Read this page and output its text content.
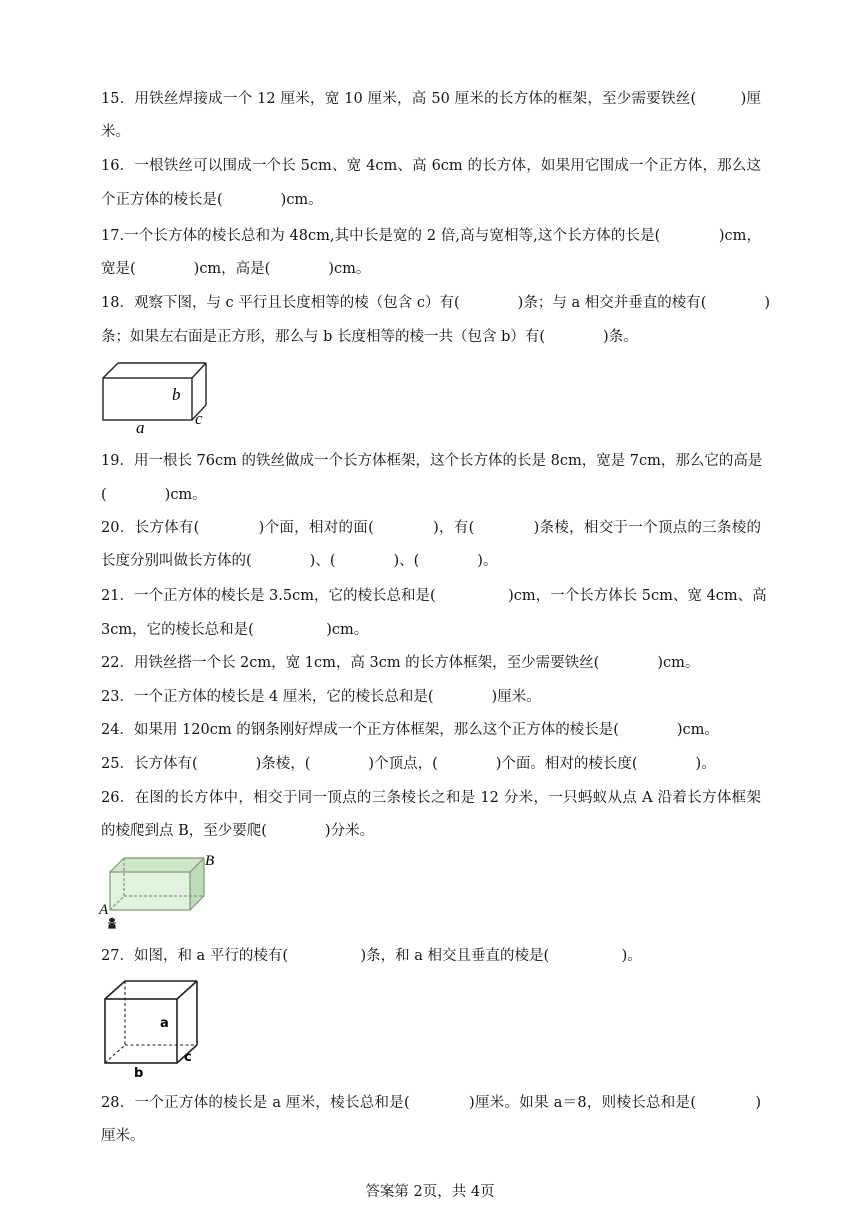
15．用铁丝焊接成一个 12 厘米，宽 10 厘米，高 50 厘米的长方体的框架，至少需要铁丝(　　　)厘
米。
16．一根铁丝可以围成一个长 5cm、宽 4cm、高 6cm 的长方体，如果用它围成一个正方体，那么这
个正方体的棱长是(　　　　)cm。
17.一个长方体的棱长总和为 48cm,其中长是宽的 2 倍,高与宽相等,这个长方体的长是(　　　　)cm，
宽是(　　　　)cm，高是(　　　　)cm。
18．观察下图，与 c 平行且长度相等的棱（包含 c）有(　　　　)条；与 a 相交并垂直的棱有(　　　　)
条；如果左右面是正方形，那么与 b 长度相等的棱一共（包含 b）有(　　　　)条。
b
c
a
19．用一根长 76cm 的铁丝做成一个长方体框架，这个长方体的长是 8cm，宽是 7cm，那么它的高是
(　　　　)cm。
20．长方体有(　　　　)个面，相对的面(　　　　)，有(　　　　)条棱，相交于一个顶点的三条棱的
长度分别叫做长方体的(　　　　)、(　　　　)、(　　　　)。
21．一个正方体的棱长是 3.5cm，它的棱长总和是(　　　　　)cm，一个长方体长 5cm、宽 4cm、高
3cm，它的棱长总和是(　　　　　)cm。
22．用铁丝搭一个长 2cm，宽 1cm，高 3cm 的长方体框架，至少需要铁丝(　　　　)cm。
23．一个正方体的棱长是 4 厘米，它的棱长总和是(　　　　)厘米。
24．如果用 120cm 的钢条刚好焊成一个正方体框架，那么这个正方体的棱长是(　　　　)cm。
25．长方体有(　　　　)条棱，(　　　　)个顶点，(　　　　)个面。相对的棱长度(　　　　)。
26．在图的长方体中，相交于同一顶点的三条棱长之和是 12 分米，一只蚂蚁从点 A 沿着长方体框架
的棱爬到点 B，至少要爬(　　　　)分米。
B
A
27．如图，和 a 平行的棱有(　　　　　)条，和 a 相交且垂直的棱是(　　　　　)。
a
c
b
28．一个正方体的棱长是 a 厘米，棱长总和是(　　　　)厘米。如果 a＝8，则棱长总和是(　　　　)
厘米。
答案第 2页，共 4页
